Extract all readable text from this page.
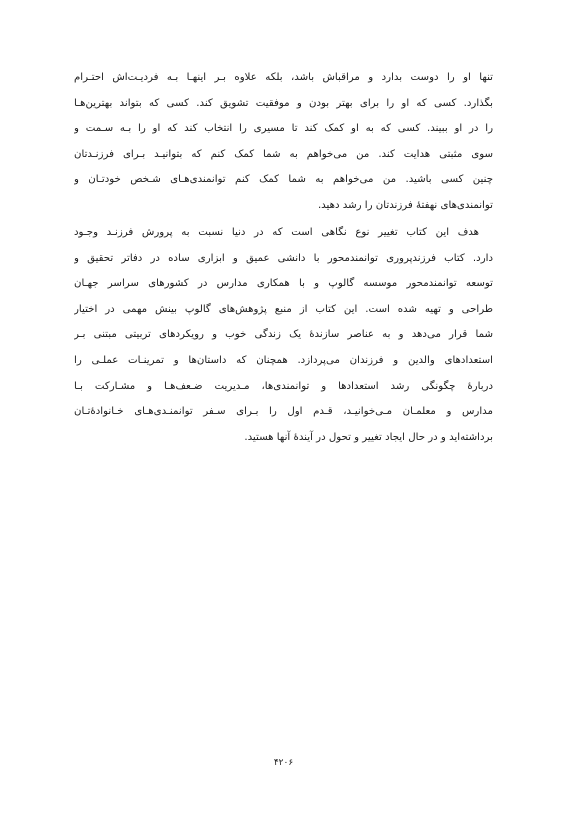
تنها او را دوست بدارد و مراقباش باشد، بلکه علاوه بـر اینهـا بـه فردیـت‌اش احتـرام
بگذارد. کسی که او را برای بهتر بودن و موفقیت تشویق کند. کسی که بتواند بهترین‌هـا
را در او ببیند. کسی که به او کمک کند تا مسیری را انتخاب کند که او را بـه سـمت و
سوی مثبتی هدایت کند. من می‌خواهم به شما کمک کنم که بتوانیـد بـرای فرزنـدتان
چنین کسی باشید. من می‌خواهم به شما کمک کنم توانمندی‌هـای شـخص خودتـان و
توانمندی‌های نهفتهٔ فرزندتان را رشد دهید.
هدف این کتاب تغییر نوع نگاهی است که در دنیا نسبت به پرورش فرزنـد وجـود
دارد. کتاب فرزندپروری توانمندمحور با دانشی عمیق و ابزاری ساده در دفاتر تحقیق و
توسعه توانمندمحور موسسه گالوپ و با همکاری مدارس در کشورهای سراسر جهـان
طراحی و تهیه شده است. این کتاب از منبع پژوهش‌های گالوپ بینش مهمی در اختیار
شما قرار می‌دهد و به عناصر سازندهٔ یک زندگی خوب و رویکردهای تربیتی مبتنی بـر
استعدادهای والدین و فرزندان می‌پردازد. همچنان که داستان‌ها و تمرینـات عملـی را
دربارهٔ چگونگی رشد استعدادها و توانمندی‌ها، مـدیریت ضـعف‌هـا و مشـارکت بـا
مدارس و معلمـان مـی‌خوانیـد، قـدم اول را بـرای سـفر توانمنـدی‌هـای خـانوادهٔ‌تـان
برداشته‌اید و در حال ایجاد تغییر و تحول در آیندهٔ آنها هستید.
۴۲۰۶
